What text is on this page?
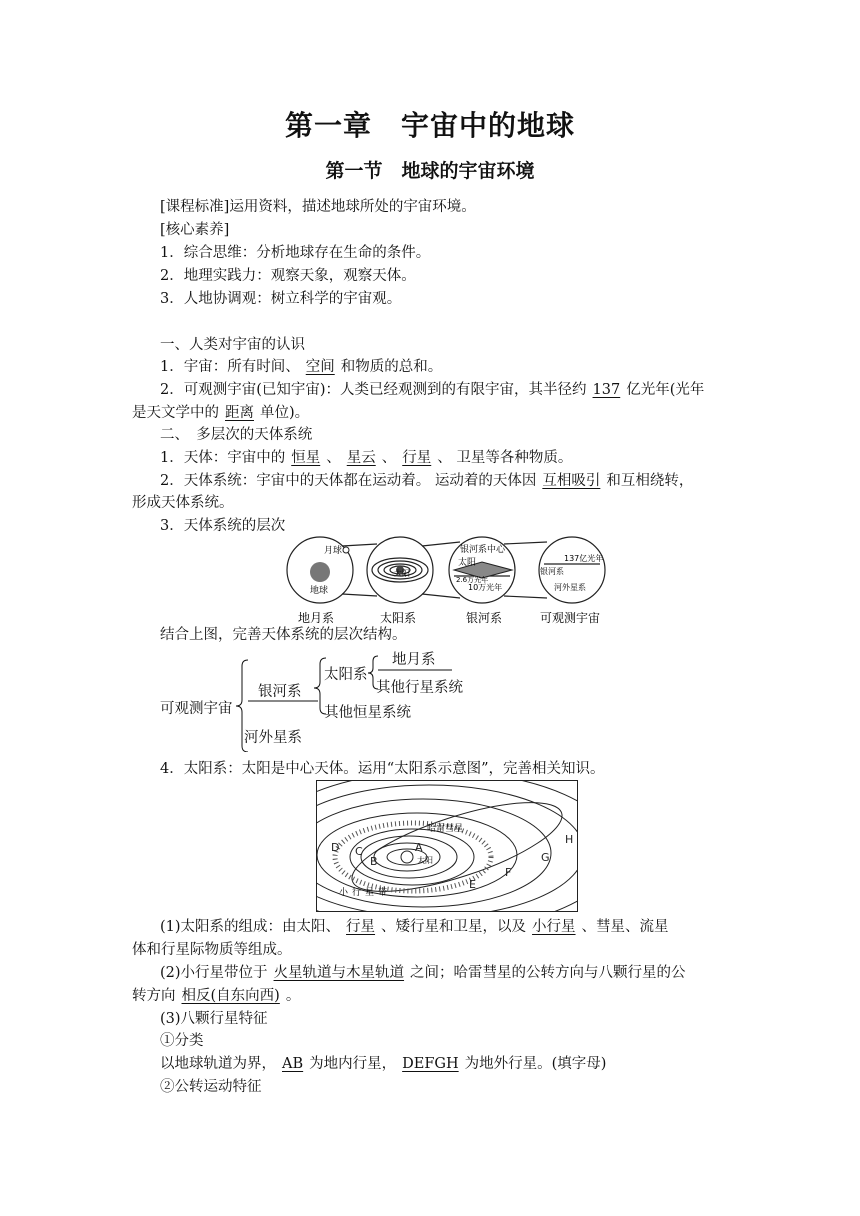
第一章　宇宙中的地球
第一节　地球的宇宙环境
[课程标准]运用资料，描述地球所处的宇宙环境。
[核心素养]
1．综合思维：分析地球存在生命的条件。
2．地理实践力：观察天象，观察天体。
3．人地协调观：树立科学的宇宙观。
一、人类对宇宙的认识
1．宇宙：所有时间、 空间 和物质的总和。
2．可观测宇宙(已知宇宙)：人类已经观测到的有限宇宙，其半径约 137 亿光年(光年
是天文学中的 距离 单位)。
二、　多层次的天体系统
1．天体：宇宙中的 恒星 、 星云 、 行星 、 卫星等各种物质。
2．天体系统：宇宙中的天体都在运动着。 运动着的天体因 互相吸引 和互相绕转，
形成天体系统。
3．天体系统的层次
月球
地球
太阳
银河系中心
太阳
2.6万光年
10万光年
137亿光年
银河系
河外星系
地月系	太阳系	银河系	可观测宇宙
结合上图，完善天体系统的层次结构。
可观测宇宙
银河系
河外星系
太阳系
其他恒星系统
地月系
其他行星系统
4．太阳系：太阳是中心天体。运用“太阳系示意图”，完善相关知识。
A
B
C
D
E
F
G
H
哈雷彗星
太阳
小行星带
(1)太阳系的组成：由太阳、 行星 、矮行星和卫星，以及 小行星 、彗星、流星
体和行星际物质等组成。
(2)小行星带位于 火星轨道与木星轨道 之间；哈雷彗星的公转方向与八颗行星的公
转方向 相反(自东向西) 。
(3)八颗行星特征
①分类
以地球轨道为界， AB 为地内行星， DEFGH 为地外行星。(填字母)
②公转运动特征
